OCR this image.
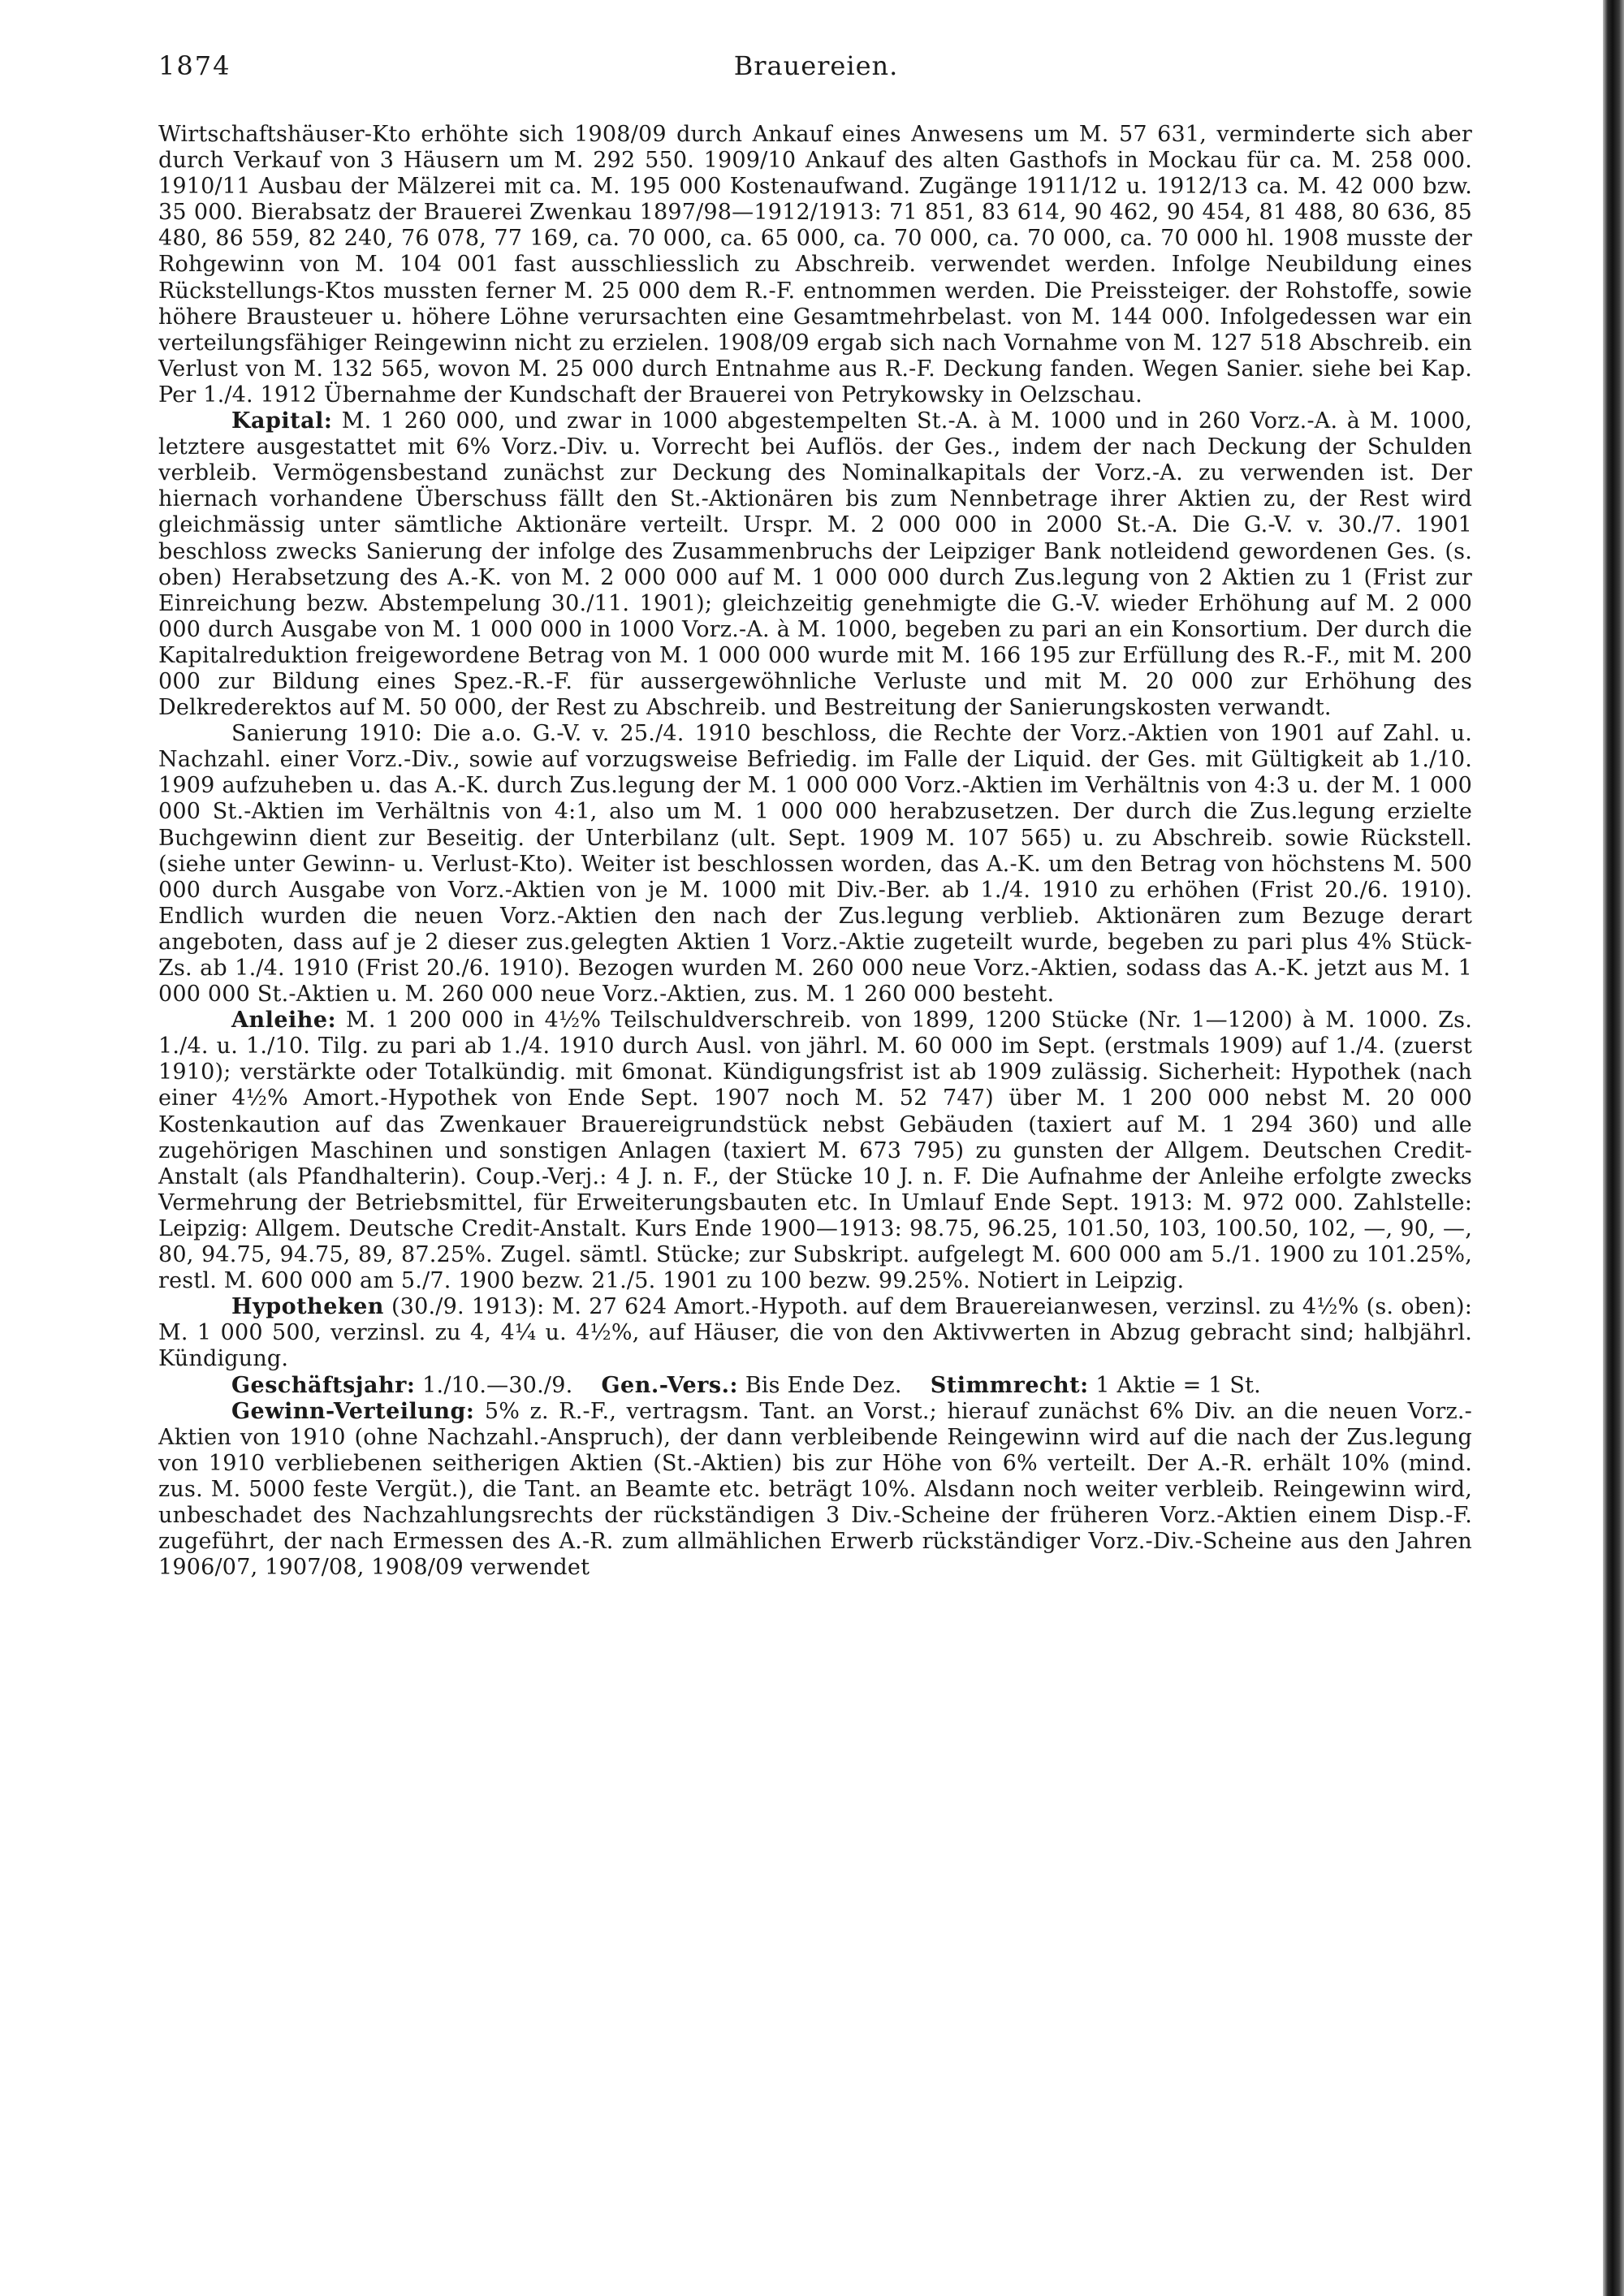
1874	Brauereien.

Wirtschaftshäuser-Kto erhöhte sich 1908/09 durch Ankauf eines Anwesens um M. 57 631, verminderte sich aber durch Verkauf von 3 Häusern um M. 292 550. 1909/10 Ankauf des alten Gasthofs in Mockau für ca. M. 258 000. 1910/11 Ausbau der Mälzerei mit ca. M. 195 000 Kostenaufwand. Zugänge 1911/12 u. 1912/13 ca. M. 42 000 bzw. 35 000. Bierabsatz der Brauerei Zwenkau 1897/98—1912/1913: 71 851, 83 614, 90 462, 90 454, 81 488, 80 636, 85 480, 86 559, 82 240, 76 078, 77 169, ca. 70 000, ca. 65 000, ca. 70 000, ca. 70 000, ca. 70 000 hl. 1908 musste der Rohgewinn von M. 104 001 fast ausschliesslich zu Abschreib. verwendet werden. Infolge Neubildung eines Rückstellungs-Ktos mussten ferner M. 25 000 dem R.-F. entnommen werden. Die Preissteiger. der Rohstoffe, sowie höhere Brausteuer u. höhere Löhne verursachten eine Gesamtmehrbelast. von M. 144 000. Infolgedessen war ein verteilungsfähiger Reingewinn nicht zu erzielen. 1908/09 ergab sich nach Vornahme von M. 127 518 Abschreib. ein Verlust von M. 132 565, wovon M. 25 000 durch Entnahme aus R.-F. Deckung fanden. Wegen Sanier. siehe bei Kap. Per 1./4. 1912 Übernahme der Kundschaft der Brauerei von Petrykowsky in Oelzschau.

Kapital: M. 1 260 000, und zwar in 1000 abgestempelten St.-A. à M. 1000 und in 260 Vorz.-A. à M. 1000, letztere ausgestattet mit 6% Vorz.-Div. u. Vorrecht bei Auflös. der Ges., indem der nach Deckung der Schulden verbleib. Vermögensbestand zunächst zur Deckung des Nominalkapitals der Vorz.-A. zu verwenden ist. Der hiernach vorhandene Überschuss fällt den St.-Aktionären bis zum Nennbetrage ihrer Aktien zu, der Rest wird gleichmässig unter sämtliche Aktionäre verteilt. Urspr. M. 2 000 000 in 2000 St.-A. Die G.-V. v. 30./7. 1901 beschloss zwecks Sanierung der infolge des Zusammenbruchs der Leipziger Bank notleidend gewordenen Ges. (s. oben) Herabsetzung des A.-K. von M. 2 000 000 auf M. 1 000 000 durch Zus.legung von 2 Aktien zu 1 (Frist zur Einreichung bezw. Abstempelung 30./11. 1901); gleichzeitig genehmigte die G.-V. wieder Erhöhung auf M. 2 000 000 durch Ausgabe von M. 1 000 000 in 1000 Vorz.-A. à M. 1000, begeben zu pari an ein Konsortium. Der durch die Kapitalreduktion freigewordene Betrag von M. 1 000 000 wurde mit M. 166 195 zur Erfüllung des R.-F., mit M. 200 000 zur Bildung eines Spez.-R.-F. für aussergewöhnliche Verluste und mit M. 20 000 zur Erhöhung des Delkrederektos auf M. 50 000, der Rest zu Abschreib. und Bestreitung der Sanierungskosten verwandt.

Sanierung 1910: Die a.o. G.-V. v. 25./4. 1910 beschloss, die Rechte der Vorz.-Aktien von 1901 auf Zahl. u. Nachzahl. einer Vorz.-Div., sowie auf vorzugsweise Befriedig. im Falle der Liquid. der Ges. mit Gültigkeit ab 1./10. 1909 aufzuheben u. das A.-K. durch Zus.legung der M. 1 000 000 Vorz.-Aktien im Verhältnis von 4:3 u. der M. 1 000 000 St.-Aktien im Verhältnis von 4:1, also um M. 1 000 000 herabzusetzen. Der durch die Zus.legung erzielte Buchgewinn dient zur Beseitig. der Unterbilanz (ult. Sept. 1909 M. 107 565) u. zu Abschreib. sowie Rückstell. (siehe unter Gewinn- u. Verlust-Kto). Weiter ist beschlossen worden, das A.-K. um den Betrag von höchstens M. 500 000 durch Ausgabe von Vorz.-Aktien von je M. 1000 mit Div.-Ber. ab 1./4. 1910 zu erhöhen (Frist 20./6. 1910). Endlich wurden die neuen Vorz.-Aktien den nach der Zus.legung verblieb. Aktionären zum Bezuge derart angeboten, dass auf je 2 dieser zus.gelegten Aktien 1 Vorz.-Aktie zugeteilt wurde, begeben zu pari plus 4% Stück-Zs. ab 1./4. 1910 (Frist 20./6. 1910). Bezogen wurden M. 260 000 neue Vorz.-Aktien, sodass das A.-K. jetzt aus M. 1 000 000 St.-Aktien u. M. 260 000 neue Vorz.-Aktien, zus. M. 1 260 000 besteht.

Anleihe: M. 1 200 000 in 4½% Teilschuldverschreib. von 1899, 1200 Stücke (Nr. 1—1200) à M. 1000. Zs. 1./4. u. 1./10. Tilg. zu pari ab 1./4. 1910 durch Ausl. von jährl. M. 60 000 im Sept. (erstmals 1909) auf 1./4. (zuerst 1910); verstärkte oder Totalkündig. mit 6monat. Kündigungsfrist ist ab 1909 zulässig. Sicherheit: Hypothek (nach einer 4½% Amort.-Hypothek von Ende Sept. 1907 noch M. 52 747) über M. 1 200 000 nebst M. 20 000 Kostenkaution auf das Zwenkauer Brauereigrundstück nebst Gebäuden (taxiert auf M. 1 294 360) und alle zugehörigen Maschinen und sonstigen Anlagen (taxiert M. 673 795) zu gunsten der Allgem. Deutschen Credit-Anstalt (als Pfandhalterin). Coup.-Verj.: 4 J. n. F., der Stücke 10 J. n. F. Die Aufnahme der Anleihe erfolgte zwecks Vermehrung der Betriebsmittel, für Erweiterungsbauten etc. In Umlauf Ende Sept. 1913: M. 972 000. Zahlstelle: Leipzig: Allgem. Deutsche Credit-Anstalt. Kurs Ende 1900—1913: 98.75, 96.25, 101.50, 103, 100.50, 102, —, 90, —, 80, 94.75, 94.75, 89, 87.25%. Zugel. sämtl. Stücke; zur Subskript. aufgelegt M. 600 000 am 5./1. 1900 zu 101.25%, restl. M. 600 000 am 5./7. 1900 bezw. 21./5. 1901 zu 100 bezw. 99.25%. Notiert in Leipzig.

Hypotheken (30./9. 1913): M. 27 624 Amort.-Hypoth. auf dem Brauereianwesen, verzinsl. zu 4½% (s. oben): M. 1 000 500, verzinsl. zu 4, 4¼ u. 4½%, auf Häuser, die von den Aktivwerten in Abzug gebracht sind; halbjährl. Kündigung.

Geschäftsjahr: 1./10.—30./9. Gen.-Vers.: Bis Ende Dez. Stimmrecht: 1 Aktie = 1 St.

Gewinn-Verteilung: 5% z. R.-F., vertragsm. Tant. an Vorst.; hierauf zunächst 6% Div. an die neuen Vorz.-Aktien von 1910 (ohne Nachzahl.-Anspruch), der dann verbleibende Reingewinn wird auf die nach der Zus.legung von 1910 verbliebenen seitherigen Aktien (St.-Aktien) bis zur Höhe von 6% verteilt. Der A.-R. erhält 10% (mind. zus. M. 5000 feste Vergüt.), die Tant. an Beamte etc. beträgt 10%. Alsdann noch weiter verbleib. Reingewinn wird, unbeschadet des Nachzahlungsrechts der rückständigen 3 Div.-Scheine der früheren Vorz.-Aktien einem Disp.-F. zugeführt, der nach Ermessen des A.-R. zum allmählichen Erwerb rückständiger Vorz.-Div.-Scheine aus den Jahren 1906/07, 1907/08, 1908/09 verwendet
